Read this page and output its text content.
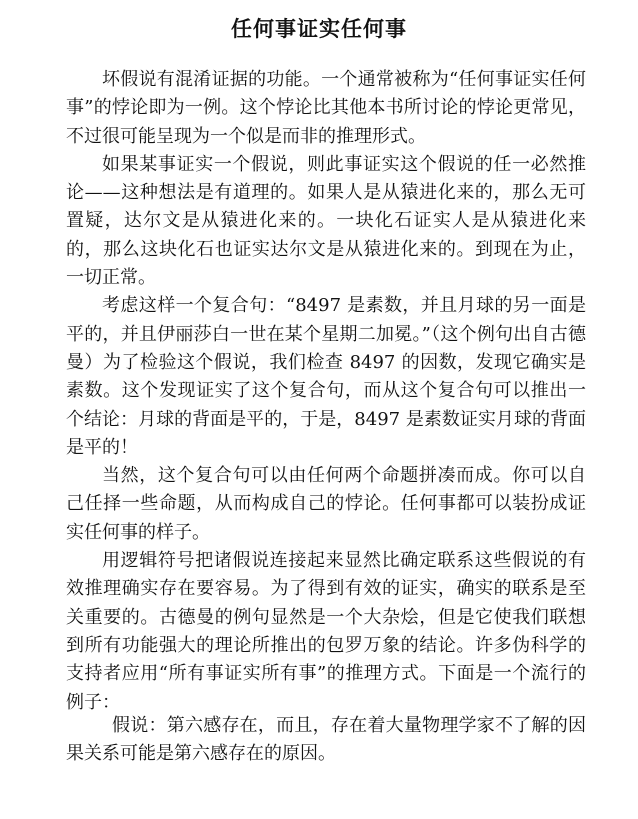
任何事证实任何事

坏假说有混淆证据的功能。一个通常被称为“任何事证实任何事”的悖论即为一例。这个悖论比其他本书所讨论的悖论更常见，不过很可能呈现为一个似是而非的推理形式。

如果某事证实一个假说，则此事证实这个假说的任一必然推论——这种想法是有道理的。如果人是从猿进化来的，那么无可置疑，达尔文是从猿进化来的。一块化石证实人是从猿进化来的，那么这块化石也证实达尔文是从猿进化来的。到现在为止，一切正常。

考虑这样一个复合句：“8497 是素数，并且月球的另一面是平的，并且伊丽莎白一世在某个星期二加冕。”（这个例句出自古德曼）为了检验这个假说，我们检查 8497 的因数，发现它确实是素数。这个发现证实了这个复合句，而从这个复合句可以推出一个结论：月球的背面是平的，于是，8497 是素数证实月球的背面是平的！

当然，这个复合句可以由任何两个命题拼凑而成。你可以自己任择一些命题，从而构成自己的悖论。任何事都可以装扮成证实任何事的样子。

用逻辑符号把诸假说连接起来显然比确定联系这些假说的有效推理确实存在要容易。为了得到有效的证实，确实的联系是至关重要的。古德曼的例句显然是一个大杂烩，但是它使我们联想到所有功能强大的理论所推出的包罗万象的结论。许多伪科学的支持者应用“所有事证实所有事”的推理方式。下面是一个流行的例子：

假说：第六感存在，而且，存在着大量物理学家不了解的因果关系可能是第六感存在的原因。
